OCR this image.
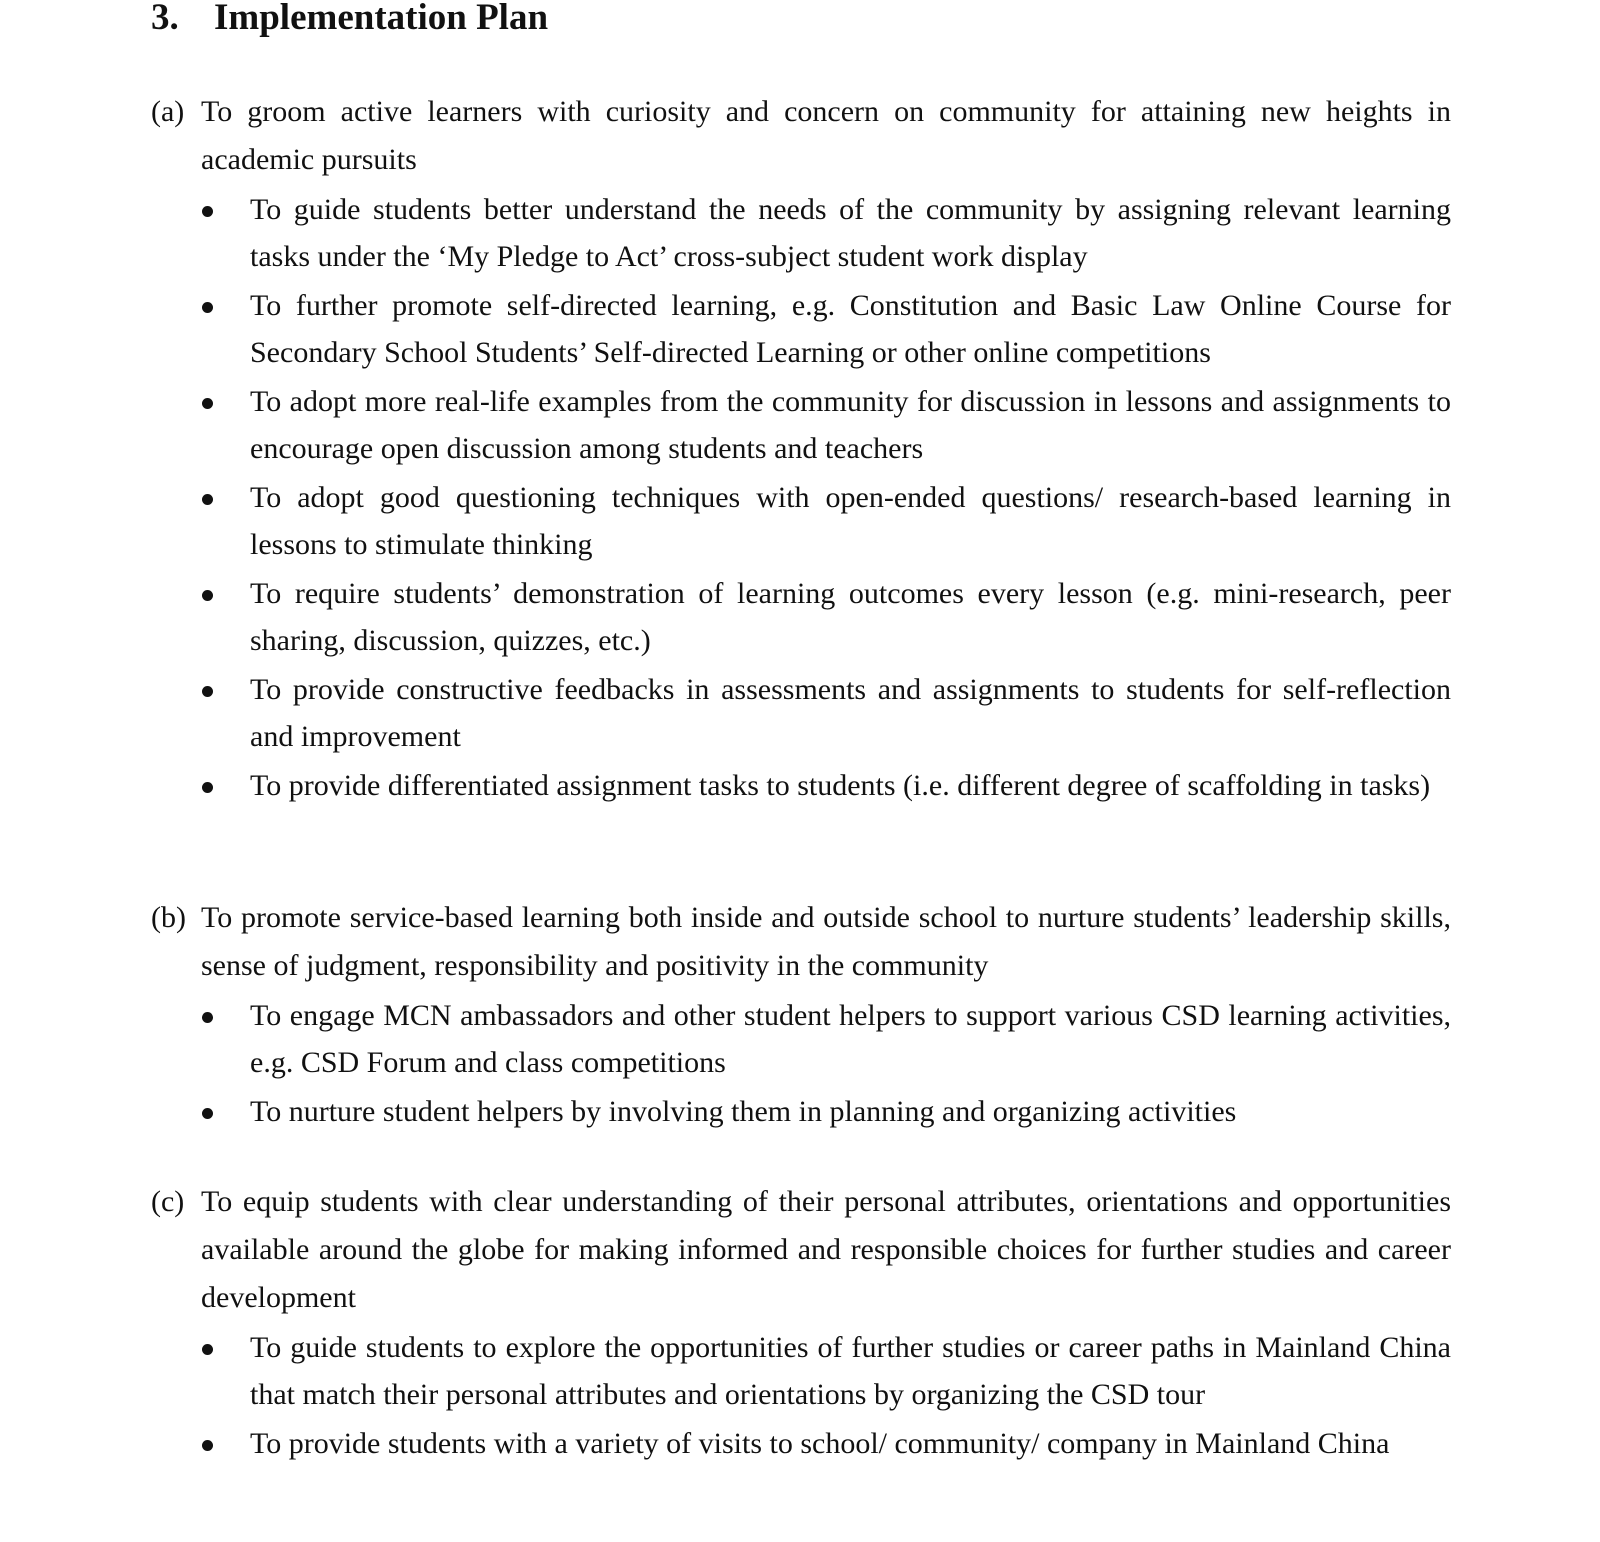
3. Implementation Plan
(a) To groom active learners with curiosity and concern on community for attaining new heights in academic pursuits
To guide students better understand the needs of the community by assigning relevant learning tasks under the ‘My Pledge to Act’ cross-subject student work display
To further promote self-directed learning, e.g. Constitution and Basic Law Online Course for Secondary School Students’ Self-directed Learning or other online competitions
To adopt more real-life examples from the community for discussion in lessons and assignments to encourage open discussion among students and teachers
To adopt good questioning techniques with open-ended questions/ research-based learning in lessons to stimulate thinking
To require students’ demonstration of learning outcomes every lesson (e.g. mini-research, peer sharing, discussion, quizzes, etc.)
To provide constructive feedbacks in assessments and assignments to students for self-reflection and improvement
To provide differentiated assignment tasks to students (i.e. different degree of scaffolding in tasks)
(b) To promote service-based learning both inside and outside school to nurture students’ leadership skills, sense of judgment, responsibility and positivity in the community
To engage MCN ambassadors and other student helpers to support various CSD learning activities, e.g. CSD Forum and class competitions
To nurture student helpers by involving them in planning and organizing activities
(c) To equip students with clear understanding of their personal attributes, orientations and opportunities available around the globe for making informed and responsible choices for further studies and career development
To guide students to explore the opportunities of further studies or career paths in Mainland China that match their personal attributes and orientations by organizing the CSD tour
To provide students with a variety of visits to school/ community/ company in Mainland China
